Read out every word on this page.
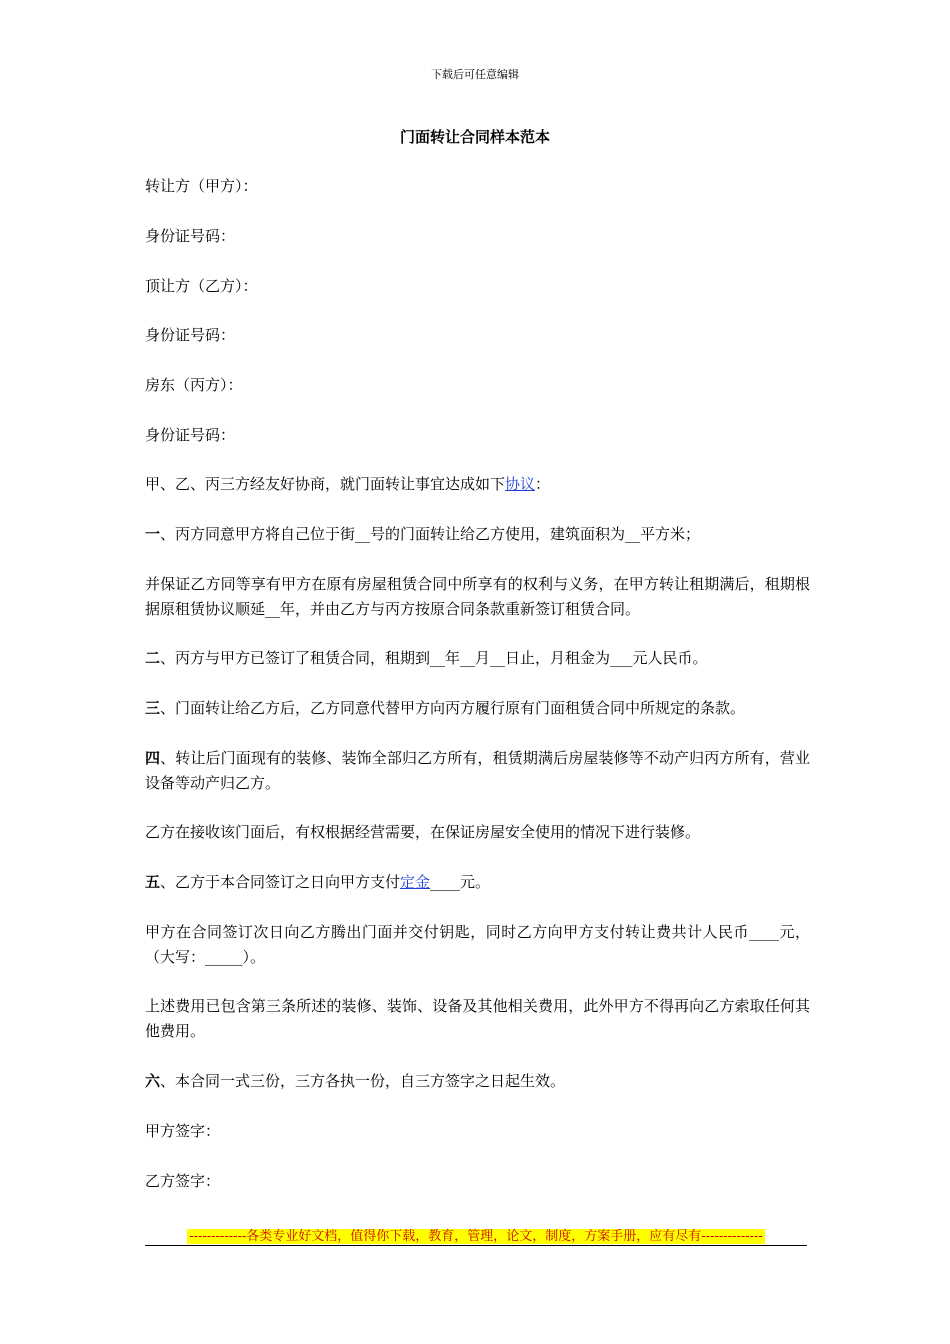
下载后可任意编辑
门面转让合同样本范本

转让方（甲方）：

身份证号码：

顶让方（乙方）：

身份证号码：

房东（丙方）：

身份证号码：

甲、乙、丙三方经友好协商，就门面转让事宜达成如下协议：

一、丙方同意甲方将自己位于街__号的门面转让给乙方使用，建筑面积为__平方米；

并保证乙方同等享有甲方在原有房屋租赁合同中所享有的权利与义务，在甲方转让租期满后，租期根据原租赁协议顺延__年，并由乙方与丙方按原合同条款重新签订租赁合同。

二、丙方与甲方已签订了租赁合同，租期到__年__月__日止，月租金为___元人民币。

三、门面转让给乙方后，乙方同意代替甲方向丙方履行原有门面租赁合同中所规定的条款。

四、转让后门面现有的装修、装饰全部归乙方所有，租赁期满后房屋装修等不动产归丙方所有，营业设备等动产归乙方。

乙方在接收该门面后，有权根据经营需要，在保证房屋安全使用的情况下进行装修。

五、乙方于本合同签订之日向甲方支付定金____元。

甲方在合同签订次日向乙方腾出门面并交付钥匙，同时乙方向甲方支付转让费共计人民币____元，（大写：_____）。

上述费用已包含第三条所述的装修、装饰、设备及其他相关费用，此外甲方不得再向乙方索取任何其他费用。

六、本合同一式三份，三方各执一份，自三方签字之日起生效。

甲方签字：

乙方签字：

-------------各类专业好文档，值得你下载，教育，管理，论文，制度，方案手册，应有尽有--------------
